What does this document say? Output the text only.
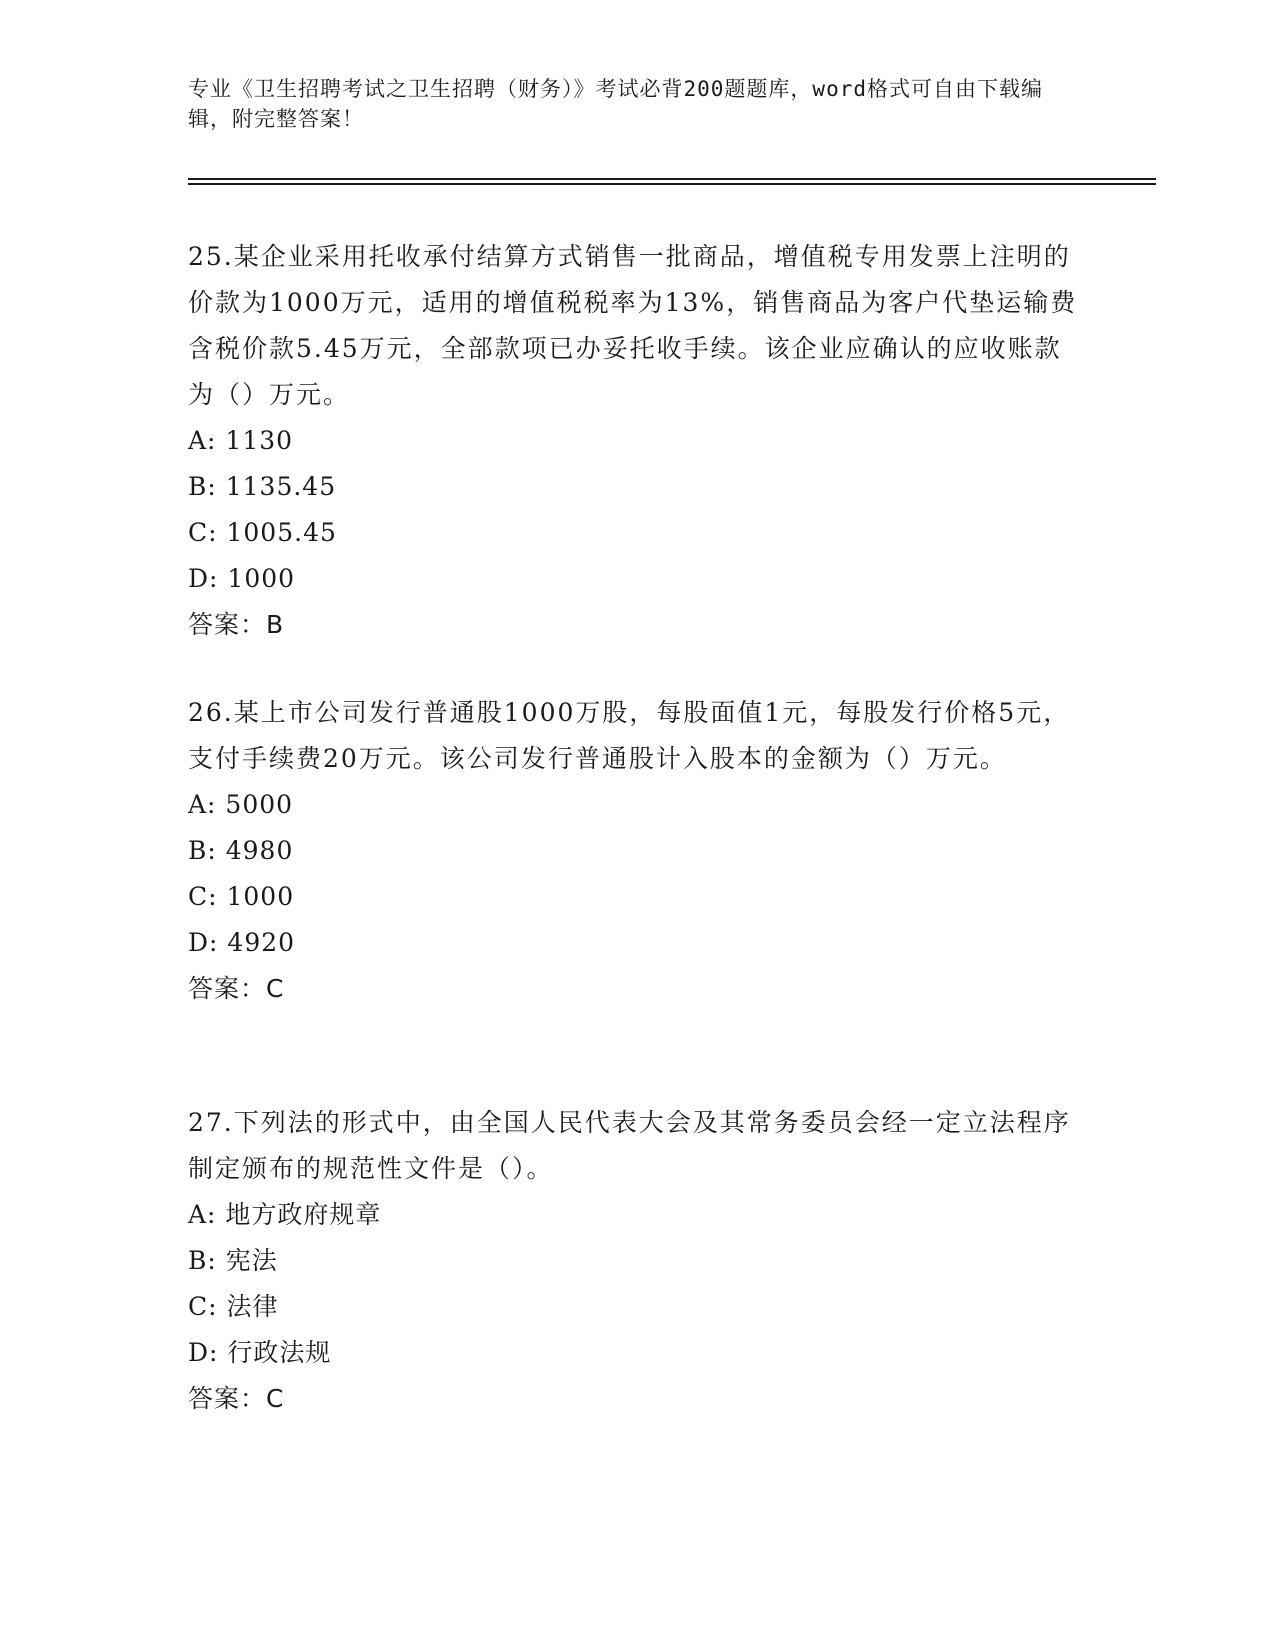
专业《卫生招聘考试之卫生招聘（财务）》考试必背200题题库，word格式可自由下载编辑，附完整答案！

25.某企业采用托收承付结算方式销售一批商品，增值税专用发票上注明的价款为1000万元，适用的增值税税率为13%，销售商品为客户代垫运输费含税价款5.45万元，全部款项已办妥托收手续。该企业应确认的应收账款为（）万元。

A: 1130

B: 1135.45

C: 1005.45

D: 1000

答案：B

26.某上市公司发行普通股1000万股，每股面值1元，每股发行价格5元，支付手续费20万元。该公司发行普通股计入股本的金额为（）万元。

A: 5000

B: 4980

C: 1000

D: 4920

答案：C

27.下列法的形式中，由全国人民代表大会及其常务委员会经一定立法程序制定颁布的规范性文件是（）。

A: 地方政府规章

B: 宪法

C: 法律

D: 行政法规

答案：C
